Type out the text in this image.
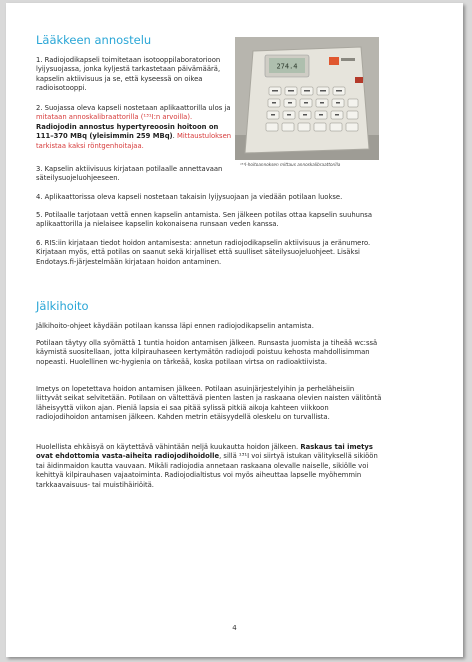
Lääkkeen annostelu
1. Radiojodikapseli toimitetaan isotooppilaboratorioon lyijysuojassa, jonka kyljestä tarkastetaan päivämäärä, kapselin aktiivisuus ja se, että kyseessä on oikea radioisotooppi.
2. Suojassa oleva kapseli nostetaan aplikaattorilla ulos ja mitataan annoskalibraattorilla (¹³¹I:n arvoilla). Radiojodin annostus hypertyreoosin hoitoon on 111–370 MBq (yleisimmin 259 MBq). Mittaustuloksen tarkistaa kaksi röntgenhoitajaa.
3. Kapselin aktiivisuus kirjataan potilaalle annettavaan säteilysuojeluohjeeseen.
4. Aplikaattorissa oleva kapseli nostetaan takaisin lyijysuojaan ja viedään potilaan luokse.
5. Potilaalle tarjotaan vettä ennen kapselin antamista. Sen jälkeen potilas ottaa kapselin suuhunsa aplikaattorilla ja nielaisee kapselin kokonaisena runsaan veden kanssa.
6. RIS:iin kirjataan tiedot hoidon antamisesta: annetun radiojodikapselin aktiivisuus ja eränumero. Kirjataan myös, että potilas on saanut sekä kirjalliset että suulliset säteilysuojeluohjeet. Lisäksi Endotays.fi-järjestelmään kirjataan hoidon antaminen.
274.4
¹³¹I-hoitoannoksen mittaus annoskalibraattorilla
Jälkihoito
Jälkihoito-ohjeet käydään potilaan kanssa läpi ennen radiojodikapselin antamista.
Potilaan täytyy olla syömättä 1 tuntia hoidon antamisen jälkeen. Runsasta juomista ja tiheää wc:ssä käymistä suositellaan, jotta kilpirauhaseen kertymätön radiojodi poistuu kehosta mahdollisimman nopeasti. Huolellinen wc-hygienia on tärkeää, koska potilaan virtsa on radioaktiivista.
Imetys on lopetettava hoidon antamisen jälkeen. Potilaan asuinjärjestelyihin ja perheläheisiin liittyvät seikat selvitetään. Potilaan on vältettävä pienten lasten ja raskaana olevien naisten välitöntä läheisyyttä viikon ajan. Pieniä lapsia ei saa pitää sylissä pitkiä aikoja kahteen viikkoon radiojodihoidon antamisen jälkeen. Kahden metrin etäisyydellä oleskelu on turvallista.
Huolellista ehkäisyä on käytettävä vähintään neljä kuukautta hoidon jälkeen. Raskaus tai imetys ovat ehdottomia vasta-aiheita radiojodihoidolle, sillä ¹³¹I voi siirtyä istukan välityksellä sikiöön tai äidinmaidon kautta vauvaan. Mikäli radiojodia annetaan raskaana olevalle naiselle, sikiölle voi kehittyä kilpirauhasen vajaatoiminta. Radiojodialtistus voi myös aiheuttaa lapselle myöhemmin tarkkaavaisuus- tai muistihäiriöitä.
4
